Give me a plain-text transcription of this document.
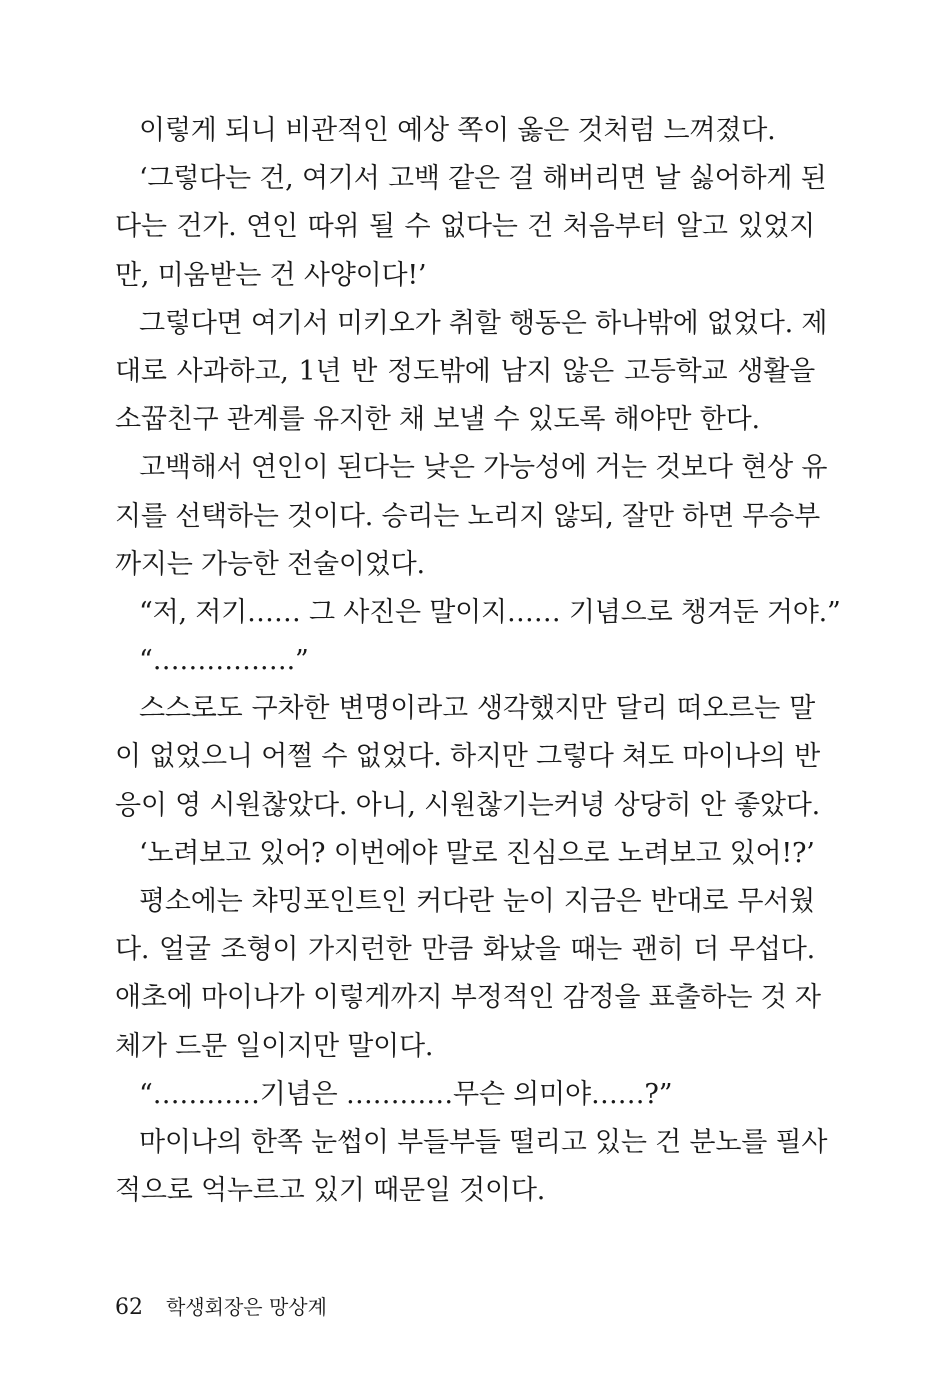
이렇게 되니 비관적인 예상 쪽이 옳은 것처럼 느껴졌다.
‘그렇다는 건, 여기서 고백 같은 걸 해버리면 날 싫어하게 된
다는 건가. 연인 따위 될 수 없다는 건 처음부터 알고 있었지
만, 미움받는 건 사양이다!’
그렇다면 여기서 미키오가 취할 행동은 하나밖에 없었다. 제
대로 사과하고, 1년 반 정도밖에 남지 않은 고등학교 생활을
소꿉친구 관계를 유지한 채 보낼 수 있도록 해야만 한다.
고백해서 연인이 된다는 낮은 가능성에 거는 것보다 현상 유
지를 선택하는 것이다. 승리는 노리지 않되, 잘만 하면 무승부
까지는 가능한 전술이었다.
“저, 저기…… 그 사진은 말이지…… 기념으로 챙겨둔 거야.”
“…………….”
스스로도 구차한 변명이라고 생각했지만 달리 떠오르는 말
이 없었으니 어쩔 수 없었다. 하지만 그렇다 쳐도 마이나의 반
응이 영 시원찮았다. 아니, 시원찮기는커녕 상당히 안 좋았다.
‘노려보고 있어? 이번에야 말로 진심으로 노려보고 있어!?’
평소에는 챠밍포인트인 커다란 눈이 지금은 반대로 무서웠
다. 얼굴 조형이 가지런한 만큼 화났을 때는 괜히 더 무섭다.
애초에 마이나가 이렇게까지 부정적인 감정을 표출하는 것 자
체가 드문 일이지만 말이다.
“…………기념은 …………무슨 의미야……?”
마이나의 한쪽 눈썹이 부들부들 떨리고 있는 건 분노를 필사
적으로 억누르고 있기 때문일 것이다.
62 학생회장은 망상계
